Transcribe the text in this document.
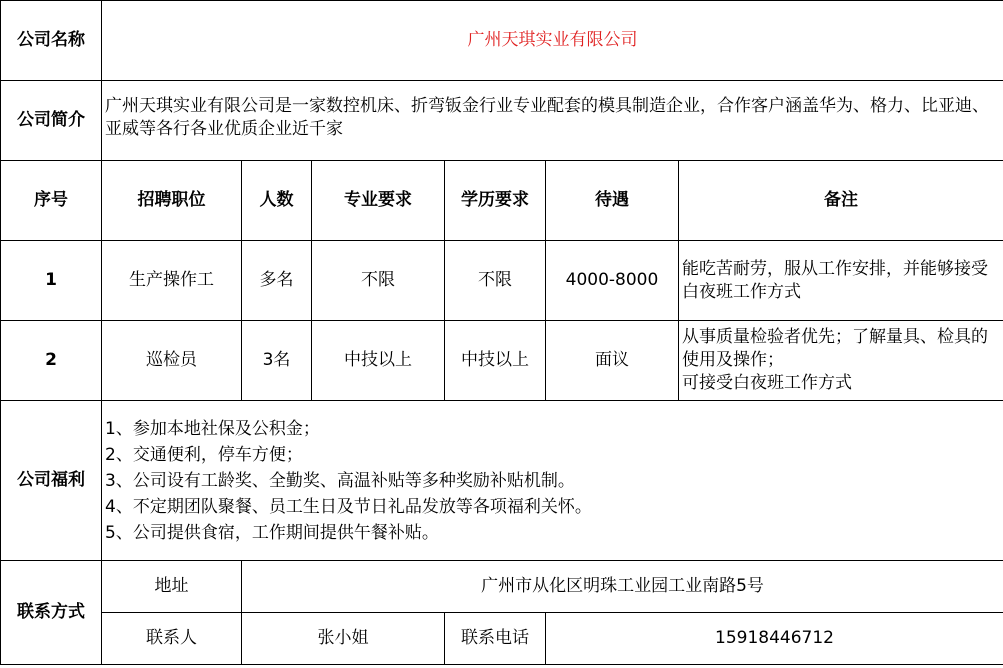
公司名称	广州天琪实业有限公司					
公司简介	广州天琪实业有限公司是一家数控机床、折弯钣金行业专业配套的模具制造企业，合作客户涵盖华为、格力、比亚迪、亚威等各行各业优质企业近千家					
序号	招聘职位	人数	专业要求	学历要求	待遇	备注
1	生产操作工	多名	不限	不限	4000-8000	能吃苦耐劳，服从工作安排，并能够接受白夜班工作方式
2	巡检员	3名	中技以上	中技以上	面议	从事质量检验者优先；了解量具、检具的使用及操作；
可接受白夜班工作方式

公司福利	1、参加本地社保及公积金；
2、交通便利，停车方便；
3、公司设有工龄奖、全勤奖、高温补贴等多种奖励补贴机制。
4、不定期团队聚餐、员工生日及节日礼品发放等各项福利关怀。
5、公司提供食宿，工作期间提供午餐补贴。					

联系方式	地址	广州市从化区明珠工业园工业南路5号				
	联系人	张小姐		联系电话	15918446712	
